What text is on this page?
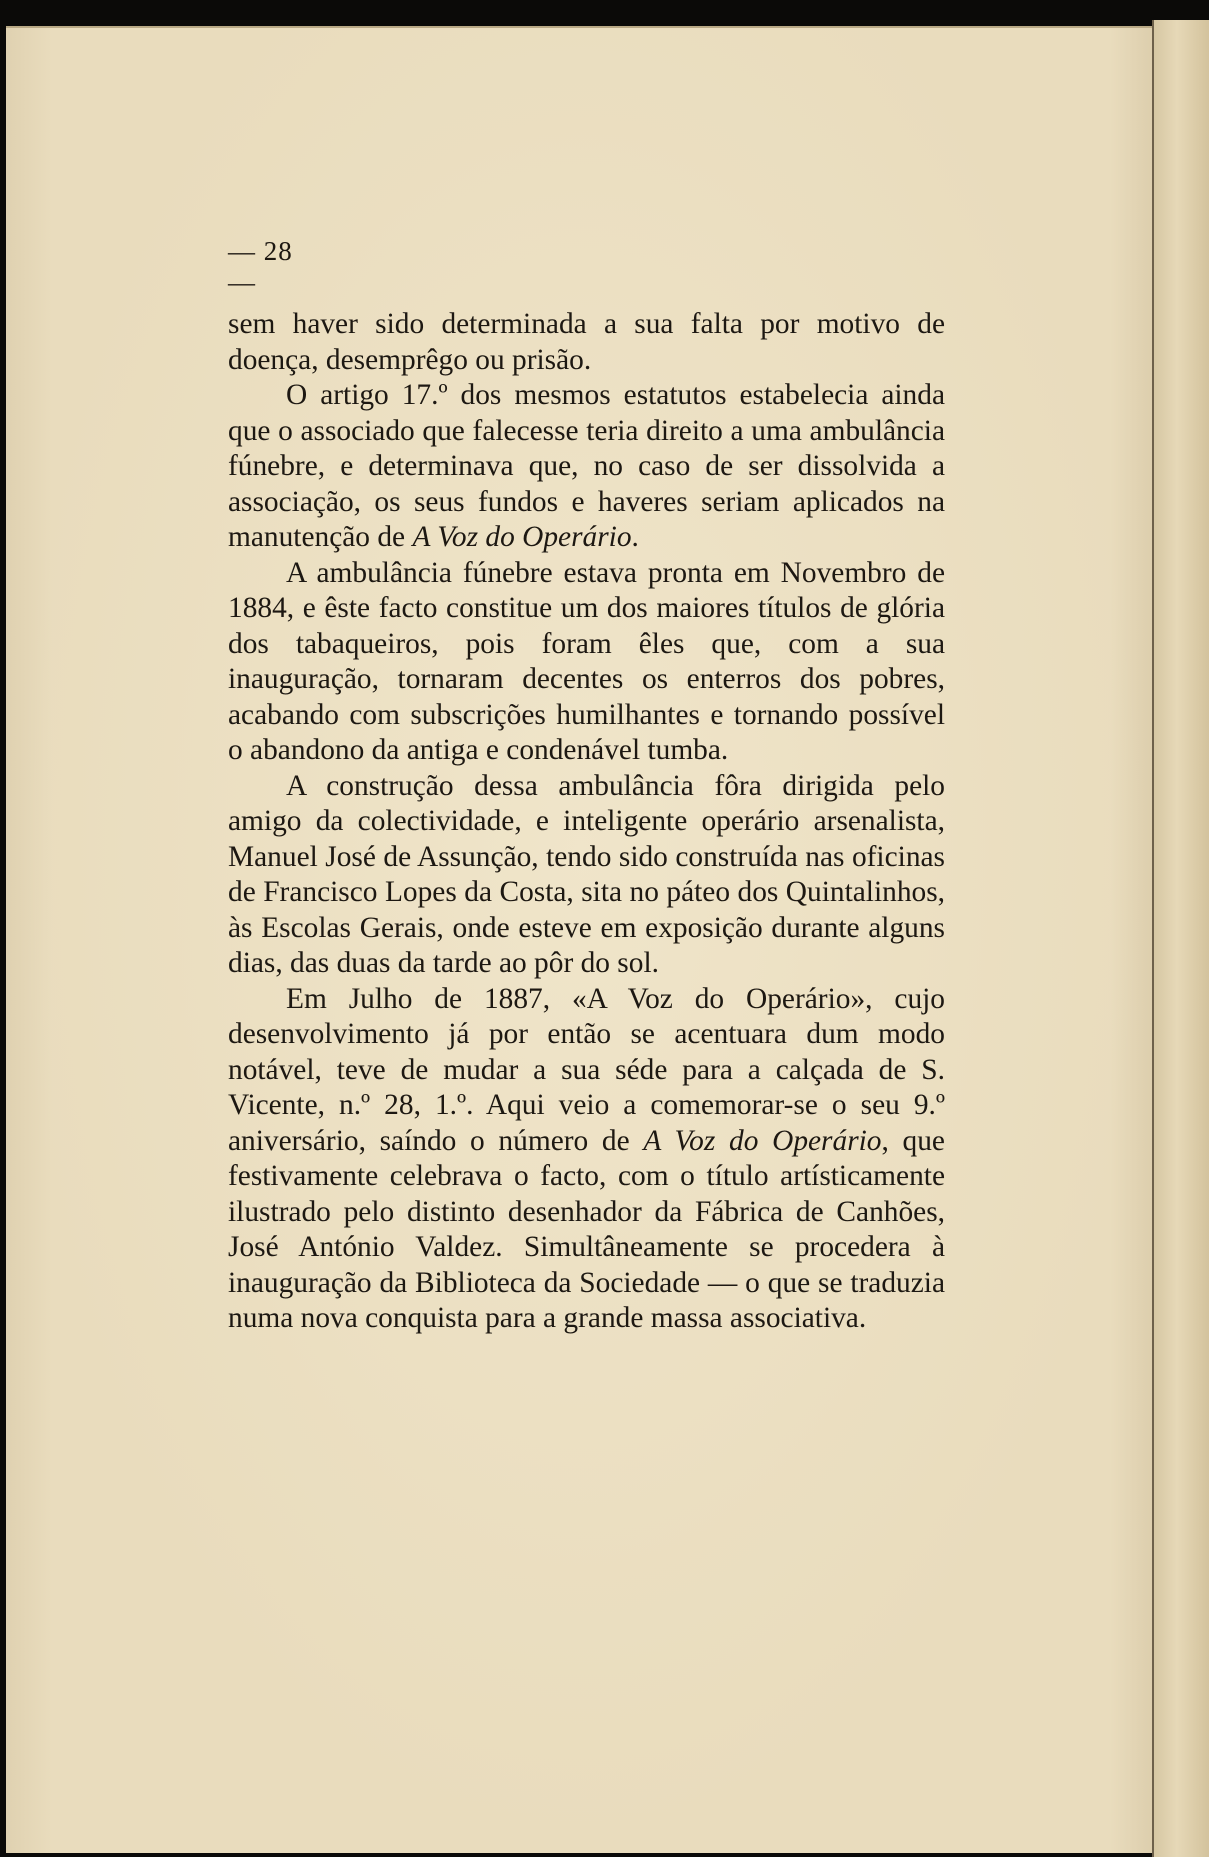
— 28 —

sem haver sido determinada a sua falta por motivo de doença, desemprêgo ou prisão.

O artigo 17.º dos mesmos estatutos estabelecia ainda que o associado que falecesse teria direito a uma ambulância fúnebre, e determinava que, no caso de ser dissolvida a associação, os seus fundos e haveres seriam aplicados na manutenção de A Voz do Operário.

A ambulância fúnebre estava pronta em Novembro de 1884, e êste facto constitue um dos maiores títulos de glória dos tabaqueiros, pois foram êles que, com a sua inauguração, tornaram decentes os enterros dos pobres, acabando com subscrições humilhantes e tornando possível o abandono da antiga e condenável tumba.

A construção dessa ambulância fôra dirigida pelo amigo da colectividade, e inteligente operário arsenalista, Manuel José de Assunção, tendo sido construída nas oficinas de Francisco Lopes da Costa, sita no páteo dos Quintalinhos, às Escolas Gerais, onde esteve em exposição durante alguns dias, das duas da tarde ao pôr do sol.

Em Julho de 1887, «A Voz do Operário», cujo desenvolvimento já por então se acentuara dum modo notável, teve de mudar a sua séde para a calçada de S. Vicente, n.º 28, 1.º. Aqui veio a comemorar-se o seu 9.º aniversário, saíndo o número de A Voz do Operário, que festivamente celebrava o facto, com o título artísticamente ilustrado pelo distinto desenhador da Fábrica de Canhões, José António Valdez. Simultâneamente se procedera à inauguração da Biblioteca da Sociedade — o que se traduzia numa nova conquista para a grande massa associativa.
